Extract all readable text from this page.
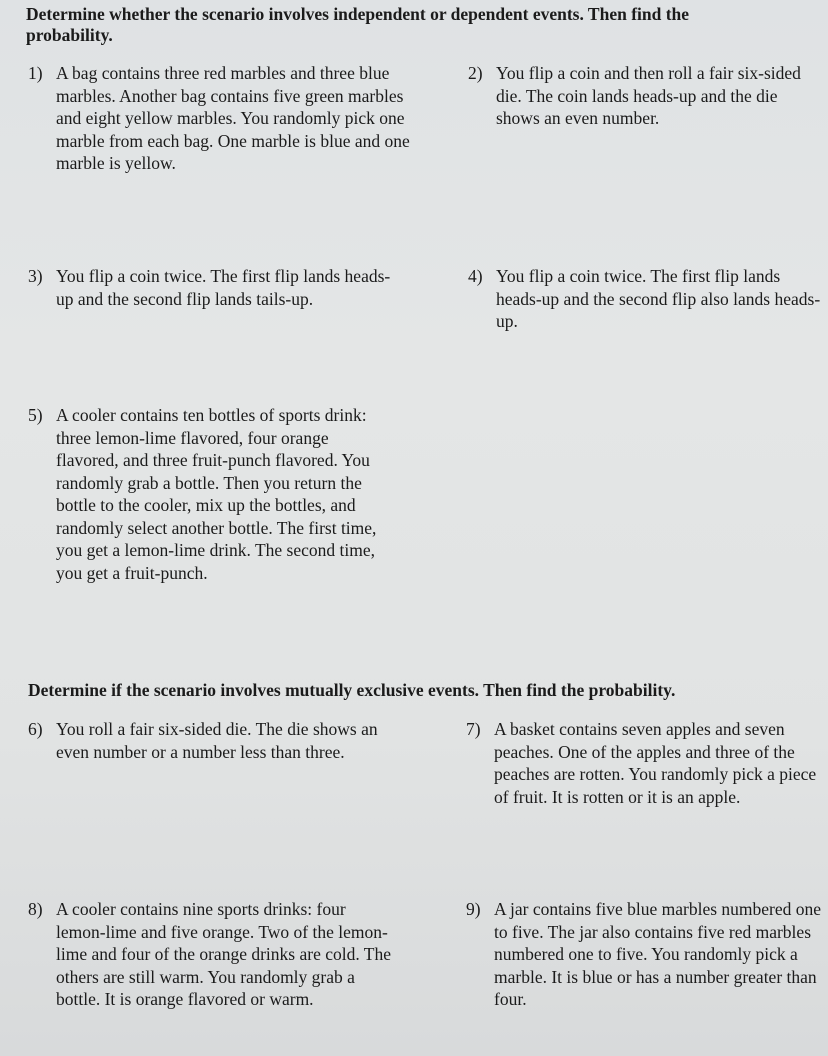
Determine whether the scenario involves independent or dependent events. Then find the
probability.
1) A bag contains three red marbles and three blue marbles. Another bag contains five green marbles and eight yellow marbles. You randomly pick one marble from each bag. One marble is blue and one marble is yellow.
2) You flip a coin and then roll a fair six-sided die. The coin lands heads-up and the die shows an even number.
3) You flip a coin twice. The first flip lands heads-up and the second flip lands tails-up.
4) You flip a coin twice. The first flip lands heads-up and the second flip also lands heads-up.
5) A cooler contains ten bottles of sports drink: three lemon-lime flavored, four orange flavored, and three fruit-punch flavored. You randomly grab a bottle. Then you return the bottle to the cooler, mix up the bottles, and randomly select another bottle. The first time, you get a lemon-lime drink. The second time, you get a fruit-punch.
Determine if the scenario involves mutually exclusive events. Then find the probability.
6) You roll a fair six-sided die. The die shows an even number or a number less than three.
7) A basket contains seven apples and seven peaches. One of the apples and three of the peaches are rotten. You randomly pick a piece of fruit. It is rotten or it is an apple.
8) A cooler contains nine sports drinks: four lemon-lime and five orange. Two of the lemon-lime and four of the orange drinks are cold. The others are still warm. You randomly grab a bottle. It is orange flavored or warm.
9) A jar contains five blue marbles numbered one to five. The jar also contains five red marbles numbered one to five. You randomly pick a marble. It is blue or has a number greater than four.
